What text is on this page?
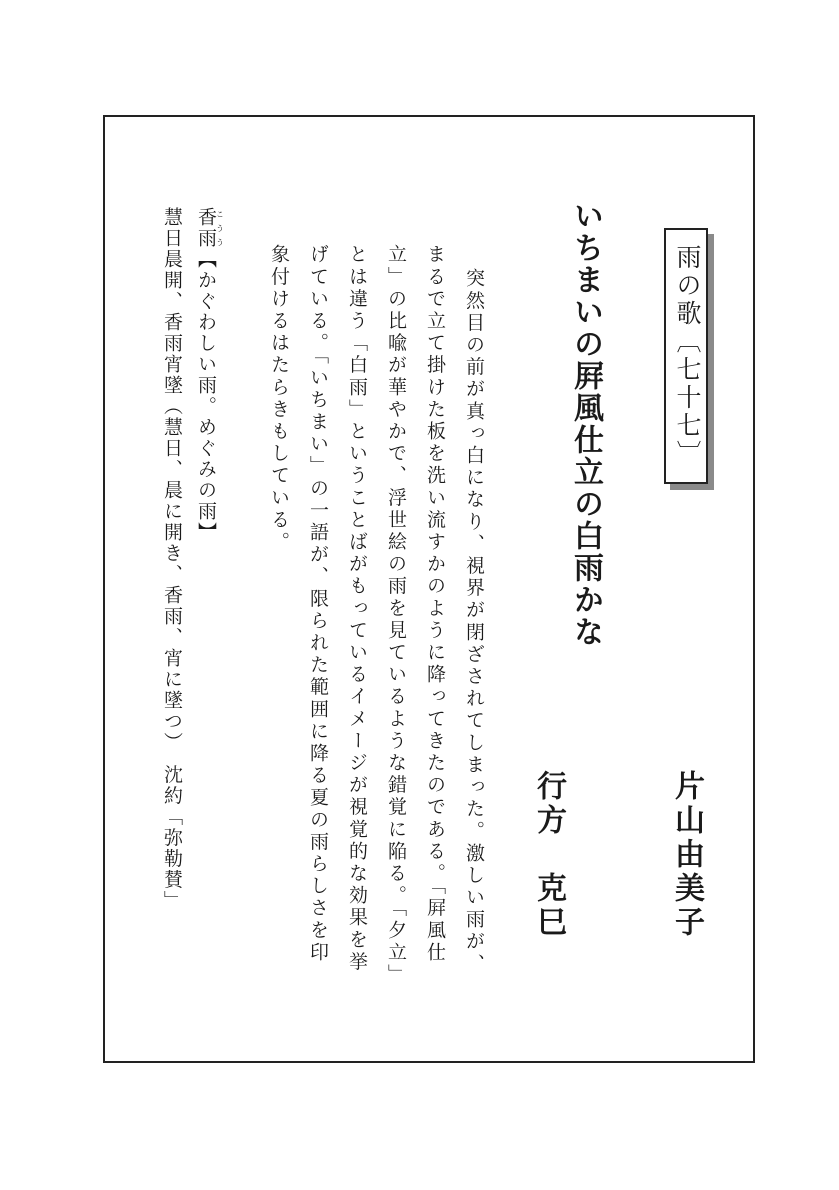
雨の歌〔七十七〕
片山由美子
いちまいの屛風仕立の白雨かな
行方　克巳
突然目の前が真っ白になり、視界が閉ざされてしまった。激しい雨が、
まるで立て掛けた板を洗い流すかのように降ってきたのである。「屛風仕
立」の比喩が華やかで、浮世絵の雨を見ているような錯覚に陥る。「夕立」
とは違う「白雨」ということばがもっているイメージが視覚的な効果を挙
げている。「いちまい」の一語が、限られた範囲に降る夏の雨らしさを印
象付けるはたらきもしている。
香雨こうう【かぐわしい雨。めぐみの雨】
慧日晨開、香雨宵墜（慧日、晨に開き、香雨、宵に墜つ）　沈約「弥勒賛」
